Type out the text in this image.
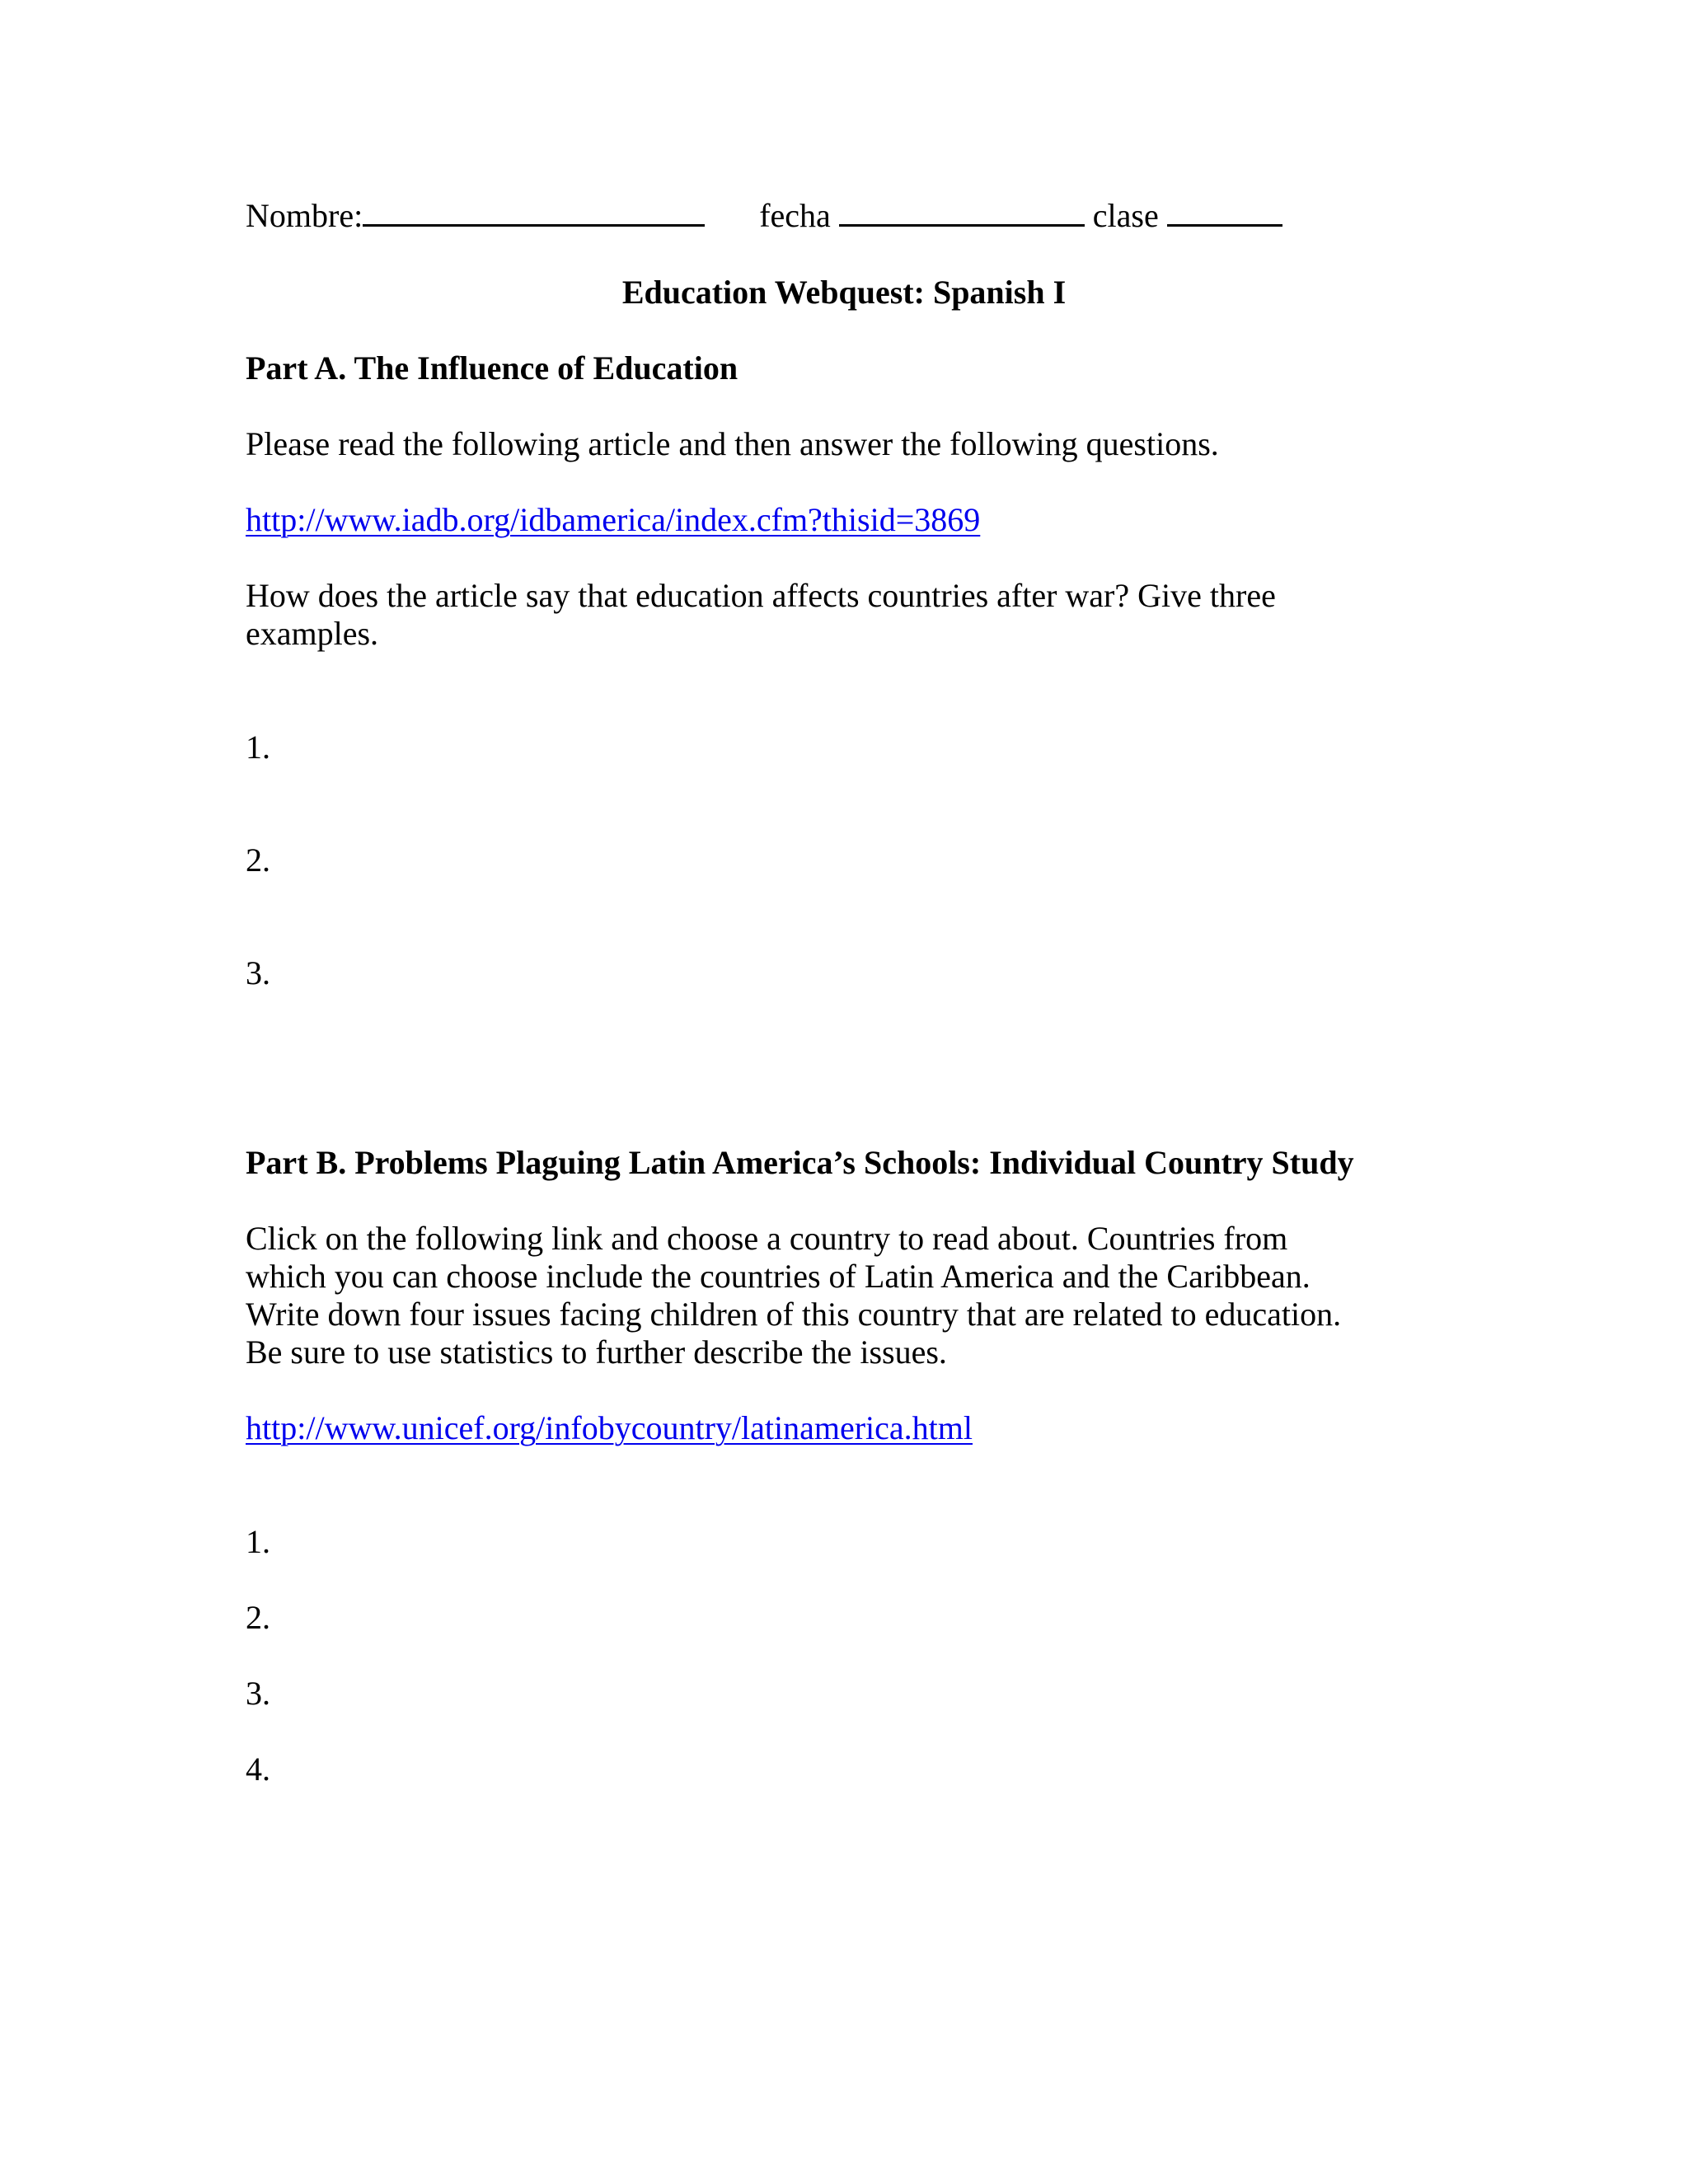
Nombre:	fecha	clase
Education Webquest: Spanish I
Part A. The Influence of Education
Please read the following article and then answer the following questions.
http://www.iadb.org/idbamerica/index.cfm?thisid=3869
How does the article say that education affects countries after war? Give three
examples.
1.
2.
3.
Part B. Problems Plaguing Latin America’s Schools: Individual Country Study
Click on the following link and choose a country to read about. Countries from
which you can choose include the countries of Latin America and the Caribbean.
Write down four issues facing children of this country that are related to education.
Be sure to use statistics to further describe the issues.
http://www.unicef.org/infobycountry/latinamerica.html
1.
2.
3.
4.
